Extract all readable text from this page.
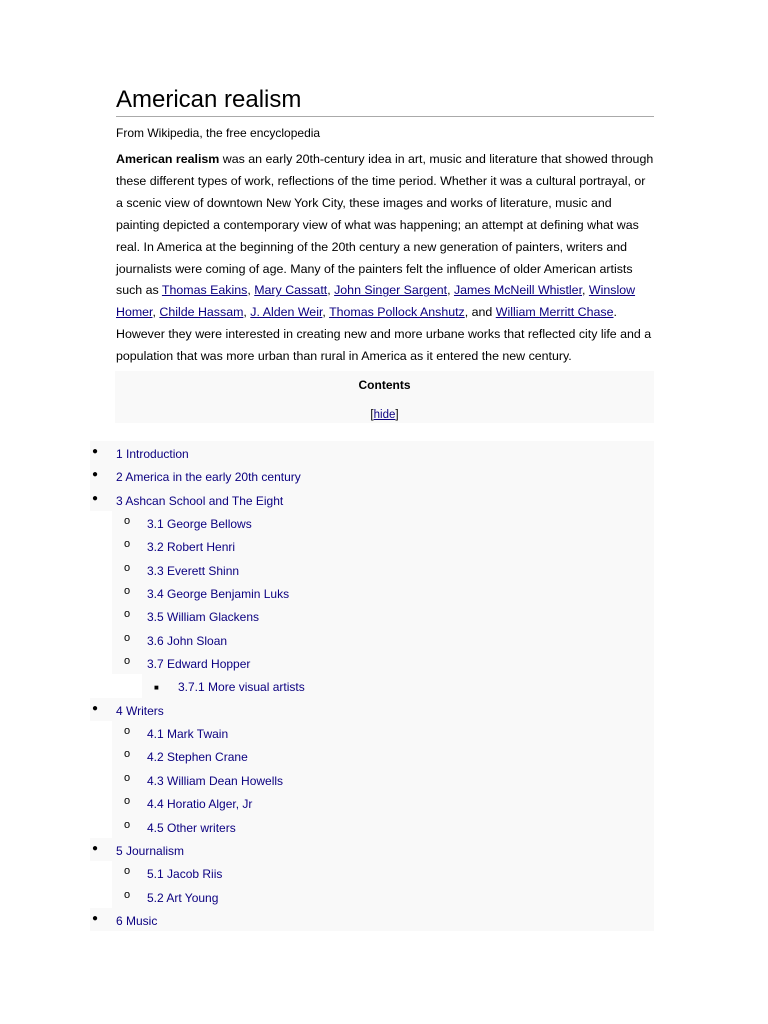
American realism
From Wikipedia, the free encyclopedia

American realism was an early 20th-century idea in art, music and literature that showed through these different types of work, reflections of the time period. Whether it was a cultural portrayal, or a scenic view of downtown New York City, these images and works of literature, music and painting depicted a contemporary view of what was happening; an attempt at defining what was real. In America at the beginning of the 20th century a new generation of painters, writers and journalists were coming of age. Many of the painters felt the influence of older American artists such as Thomas Eakins, Mary Cassatt, John Singer Sargent, James McNeill Whistler, Winslow Homer, Childe Hassam, J. Alden Weir, Thomas Pollock Anshutz, and William Merritt Chase. However they were interested in creating new and more urbane works that reflected city life and a population that was more urban than rural in America as it entered the new century.

Contents
[hide]
● 1 Introduction
● 2 America in the early 20th century
● 3 Ashcan School and The Eight
o 3.1 George Bellows
o 3.2 Robert Henri
o 3.3 Everett Shinn
o 3.4 George Benjamin Luks
o 3.5 William Glackens
o 3.6 John Sloan
o 3.7 Edward Hopper
■ 3.7.1 More visual artists
● 4 Writers
o 4.1 Mark Twain
o 4.2 Stephen Crane
o 4.3 William Dean Howells
o 4.4 Horatio Alger, Jr
o 4.5 Other writers
● 5 Journalism
o 5.1 Jacob Riis
o 5.2 Art Young
● 6 Music
